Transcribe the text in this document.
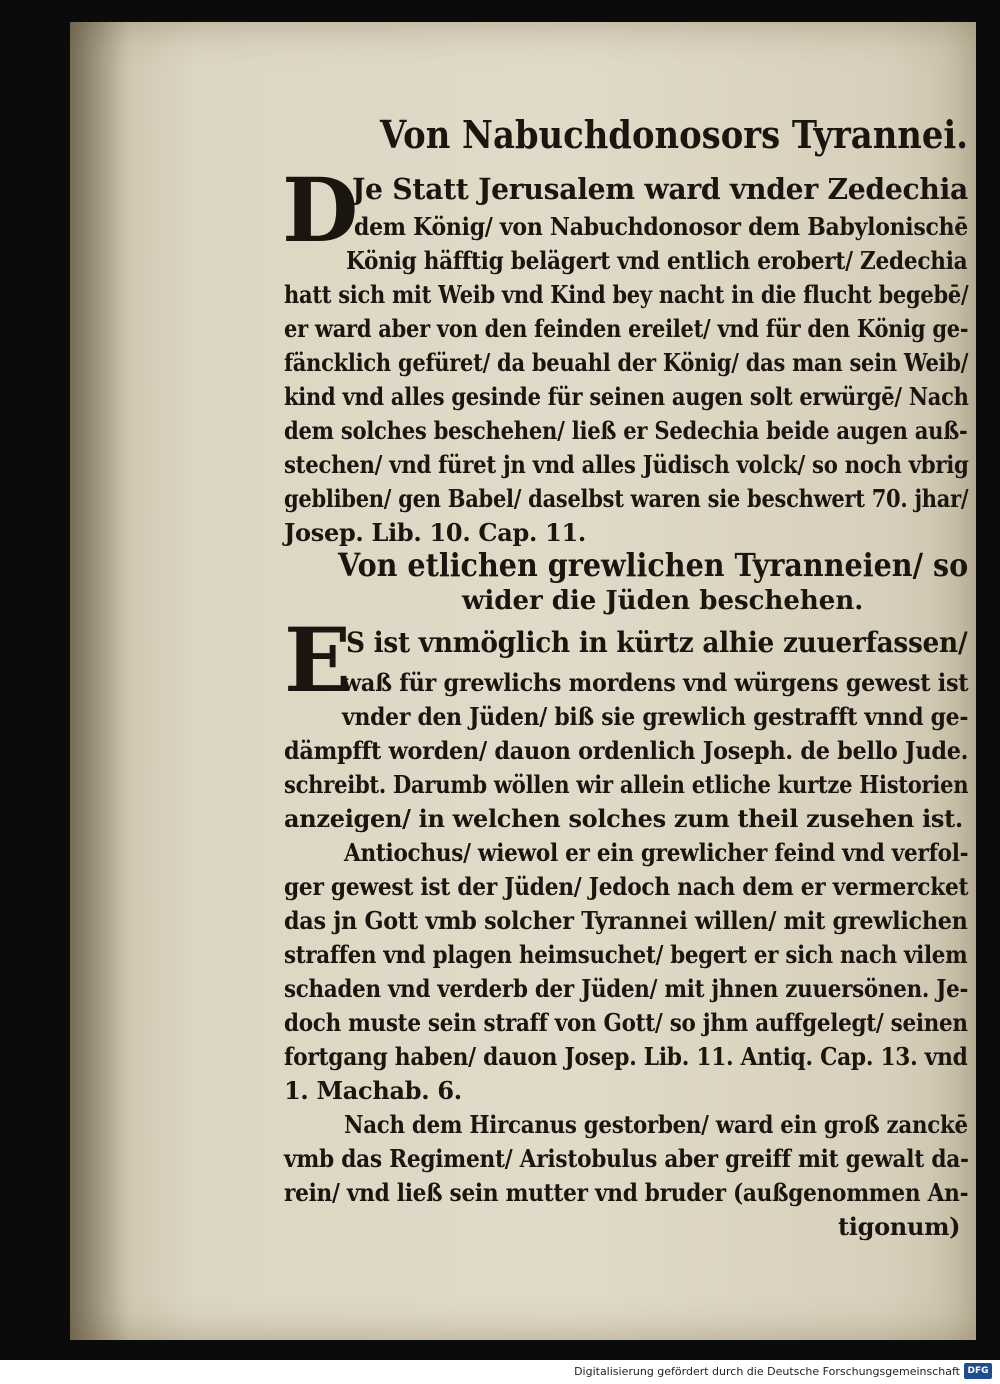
Von Nabuchdonosors Tyrannei.
D
Je Statt Jerusalem ward vnder Zedechia
dem König/ von Nabuchdonosor dem Babylonischē
König häfftig belägert vnd entlich erobert/ Zedechia
hatt sich mit Weib vnd Kind bey nacht in die flucht begebē/
er ward aber von den feinden ereilet/ vnd für den König ge-
fäncklich gefüret/ da beuahl der König/ das man sein Weib/
kind vnd alles gesinde für seinen augen solt erwürgē/ Nach
dem solches beschehen/ ließ er Sedechia beide augen auß-
stechen/ vnd füret jn vnd alles Jüdisch volck/ so noch vbrig
gebliben/ gen Babel/ daselbst waren sie beschwert 70. jhar/
Josep. Lib. 10. Cap. 11.
Von etlichen grewlichen Tyranneien/ so
wider die Jüden beschehen.
E
S ist vnmöglich in kürtz alhie zuuerfassen/
waß für grewlichs mordens vnd würgens gewest ist
vnder den Jüden/ biß sie grewlich gestrafft vnnd ge-
dämpfft worden/ dauon ordenlich Joseph. de bello Jude.
schreibt. Darumb wöllen wir allein etliche kurtze Historien
anzeigen/ in welchen solches zum theil zusehen ist.
Antiochus/ wiewol er ein grewlicher feind vnd verfol-
ger gewest ist der Jüden/ Jedoch nach dem er vermercket
das jn Gott vmb solcher Tyrannei willen/ mit grewlichen
straffen vnd plagen heimsuchet/ begert er sich nach vilem
schaden vnd verderb der Jüden/ mit jhnen zuuersönen. Je-
doch muste sein straff von Gott/ so jhm auffgelegt/ seinen
fortgang haben/ dauon Josep. Lib. 11. Antiq. Cap. 13. vnd
1. Machab. 6.
Nach dem Hircanus gestorben/ ward ein groß zanckē
vmb das Regiment/ Aristobulus aber greiff mit gewalt da-
rein/ vnd ließ sein mutter vnd bruder (außgenommen An-
tigonum)
Digitalisierung gefördert durch die Deutsche Forschungsgemeinschaft DFG
